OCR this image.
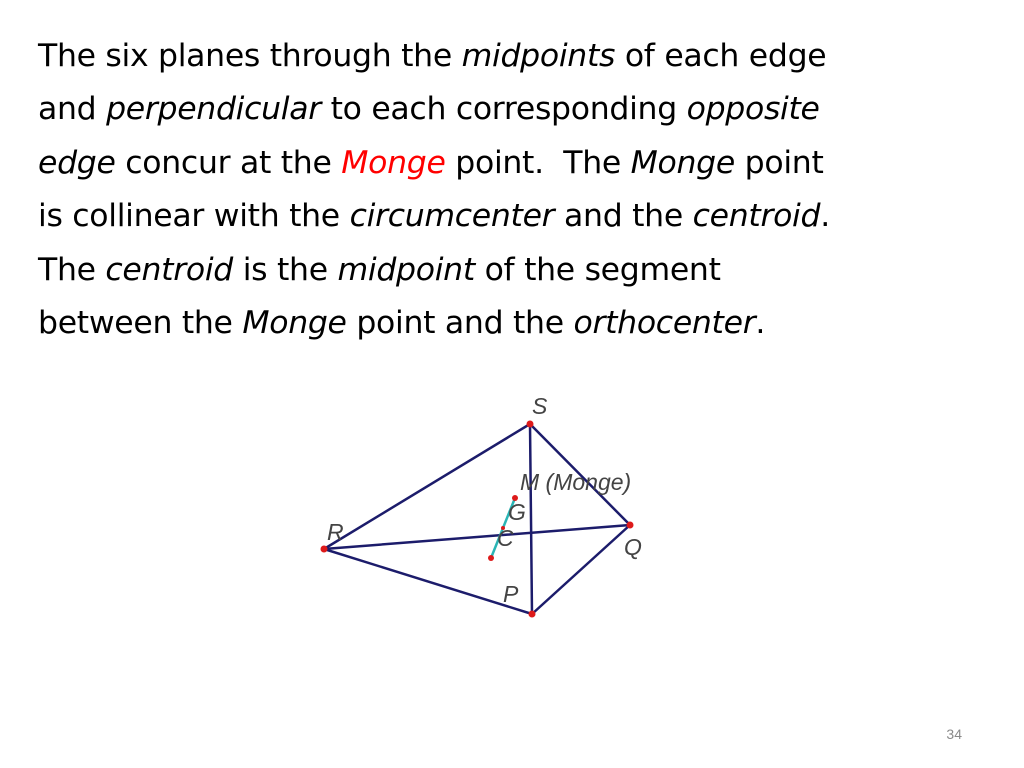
The six planes through the midpoints of each edge
and perpendicular to each corresponding opposite
edge concur at the Monge point.  The Monge point
is collinear with the circumcenter and the centroid.
The centroid is the midpoint of the segment
between the Monge point and the orthocenter.
S
M (Monge)
G
R	C	Q
P
34
